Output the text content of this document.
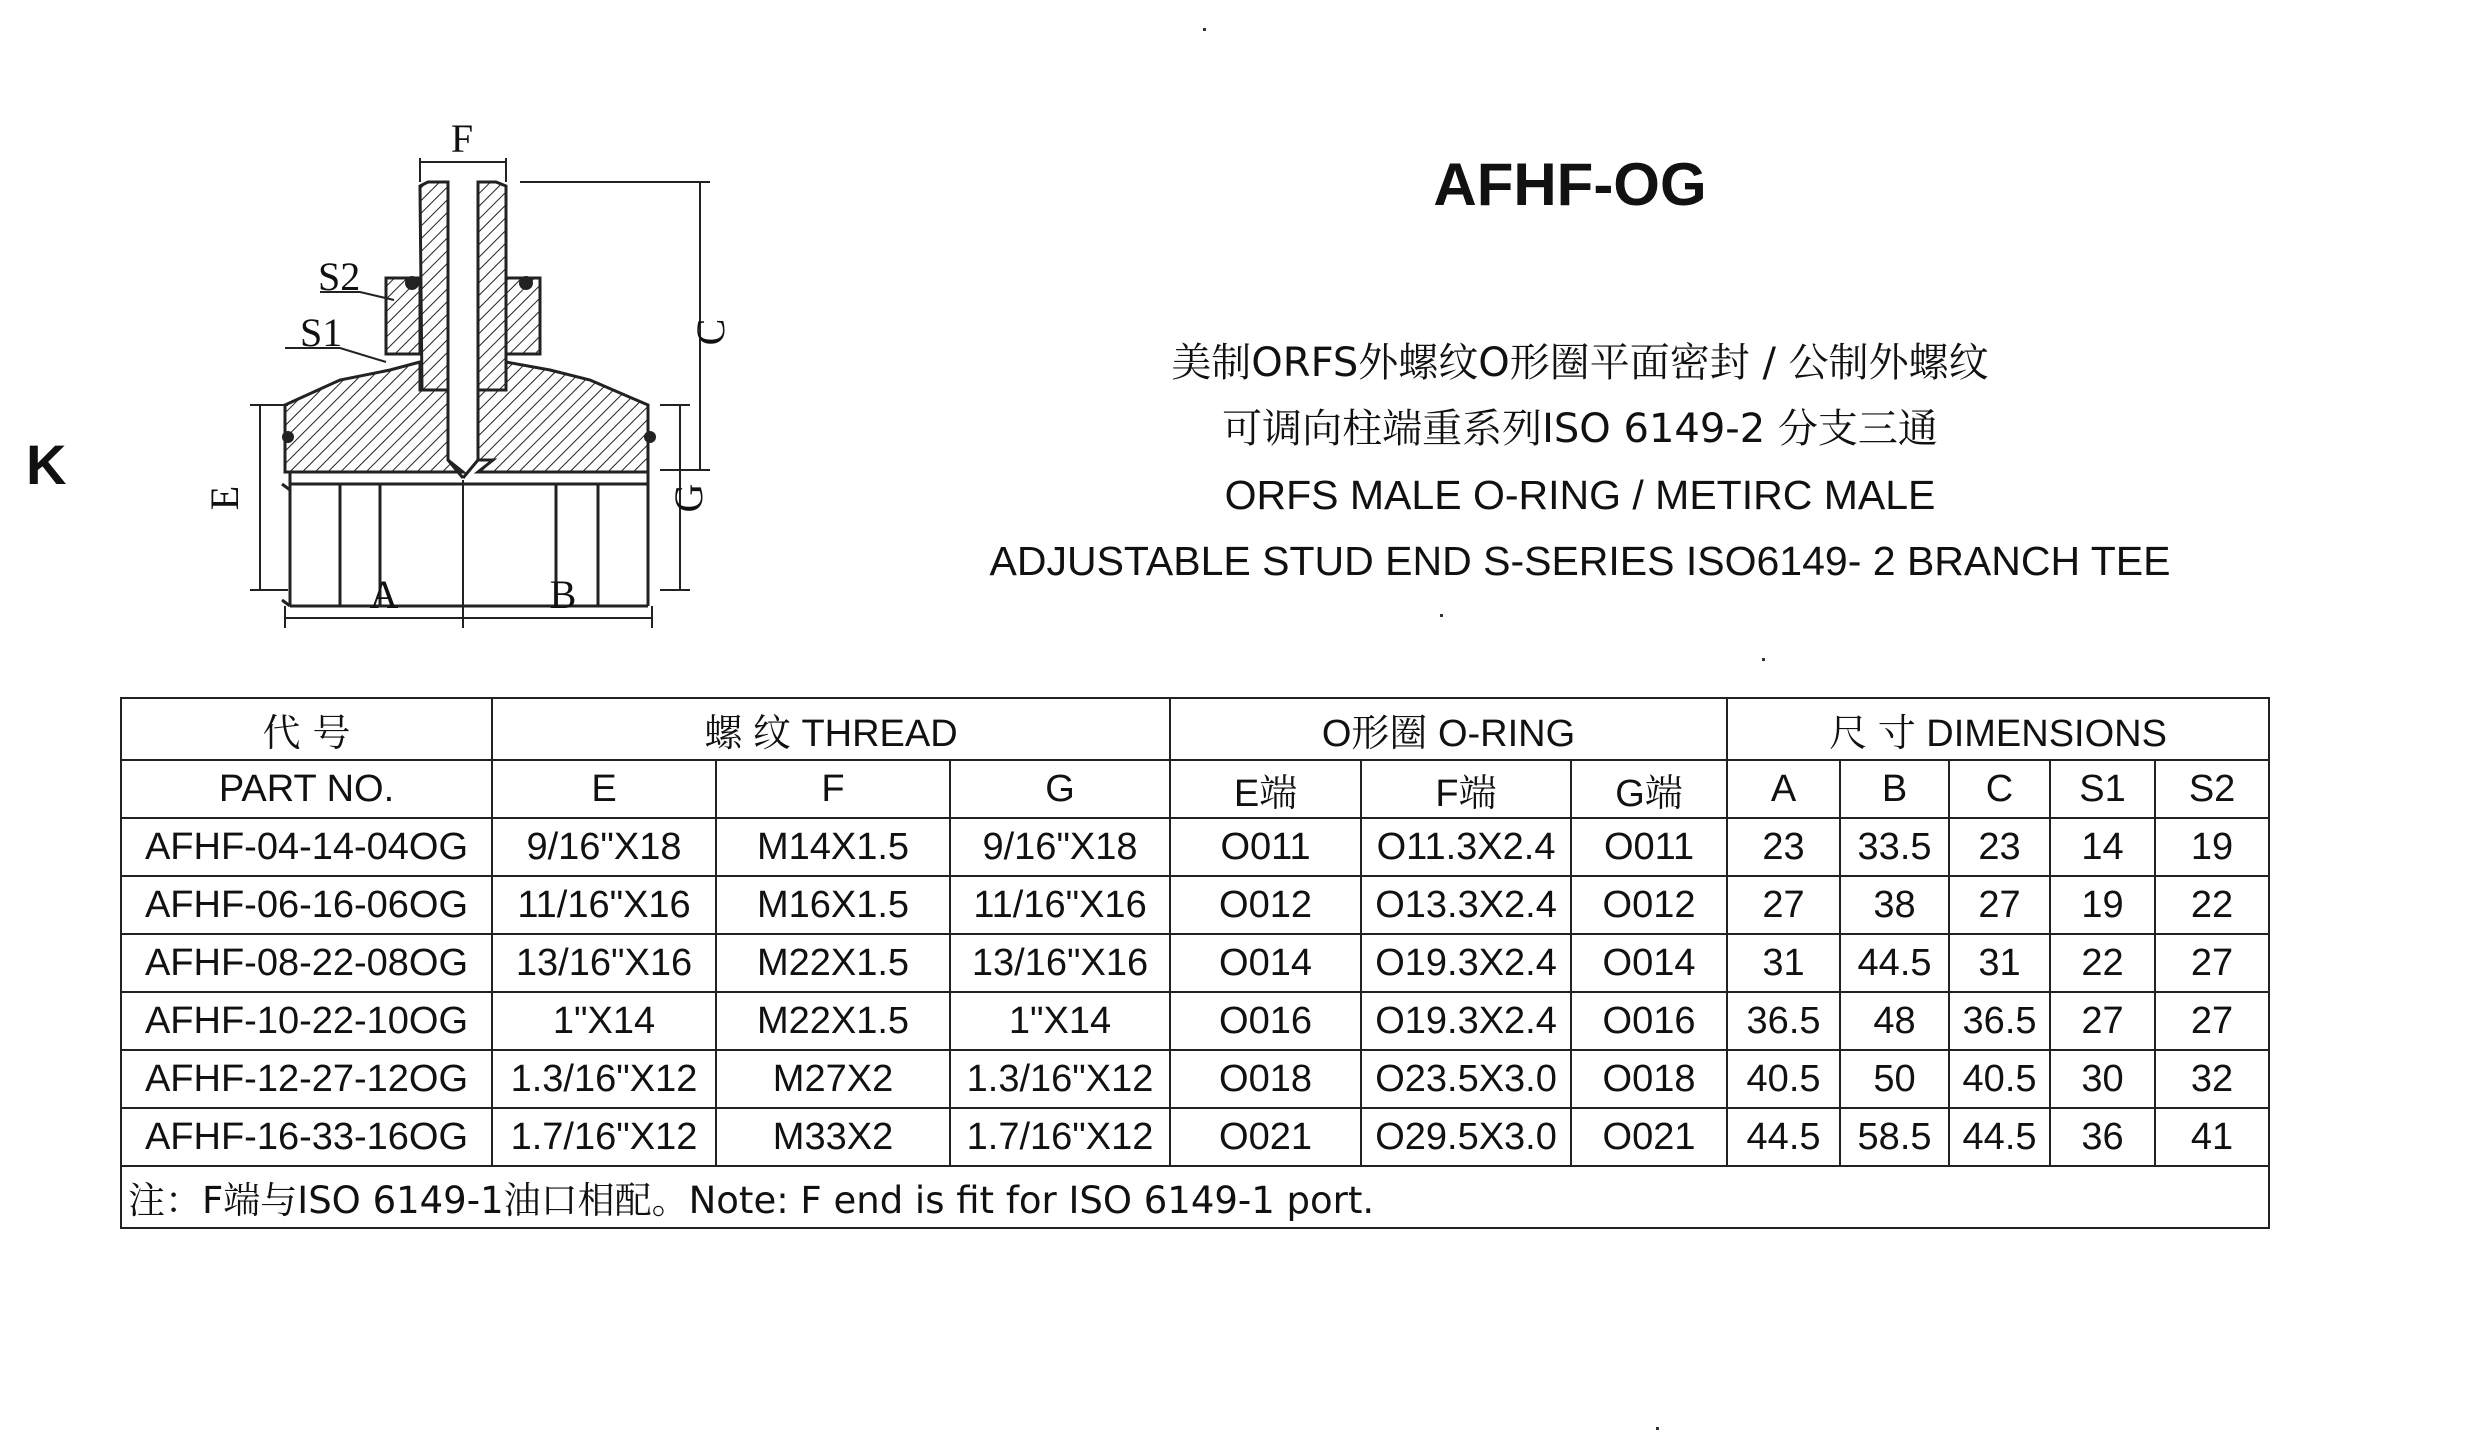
K
F
S2
S1	C
E	G
A	B
AFHF-OG
美制ORFS外螺纹O形圈平面密封 / 公制外螺纹
可调向柱端重系列ISO 6149-2 分支三通
ORFS MALE O-RING / METIRC MALE
ADJUSTABLE STUD END S-SERIES ISO6149- 2 BRANCH TEE
代 号	螺 纹 THREAD			O形圈 O-RING			尺 寸 DIMENSIONS				
PART NO.	E	F	G	E端	F端	G端	A	B	C	S1	S2
AFHF-04-14-04OG	9/16"X18	M14X1.5	9/16"X18	O011	O11.3X2.4	O011	23	33.5	23	14	19
AFHF-06-16-06OG	11/16"X16	M16X1.5	11/16"X16	O012	O13.3X2.4	O012	27	38	27	19	22
AFHF-08-22-08OG	13/16"X16	M22X1.5	13/16"X16	O014	O19.3X2.4	O014	31	44.5	31	22	27
AFHF-10-22-10OG	1"X14	M22X1.5	1"X14	O016	O19.3X2.4	O016	36.5	48	36.5	27	27
AFHF-12-27-12OG	1.3/16"X12	M27X2	1.3/16"X12	O018	O23.5X3.0	O018	40.5	50	40.5	30	32
AFHF-16-33-16OG	1.7/16"X12	M33X2	1.7/16"X12	O021	O29.5X3.0	O021	44.5	58.5	44.5	36	41
注：F端与ISO 6149-1油口相配。Note: F end is fit for ISO 6149-1 port.											
